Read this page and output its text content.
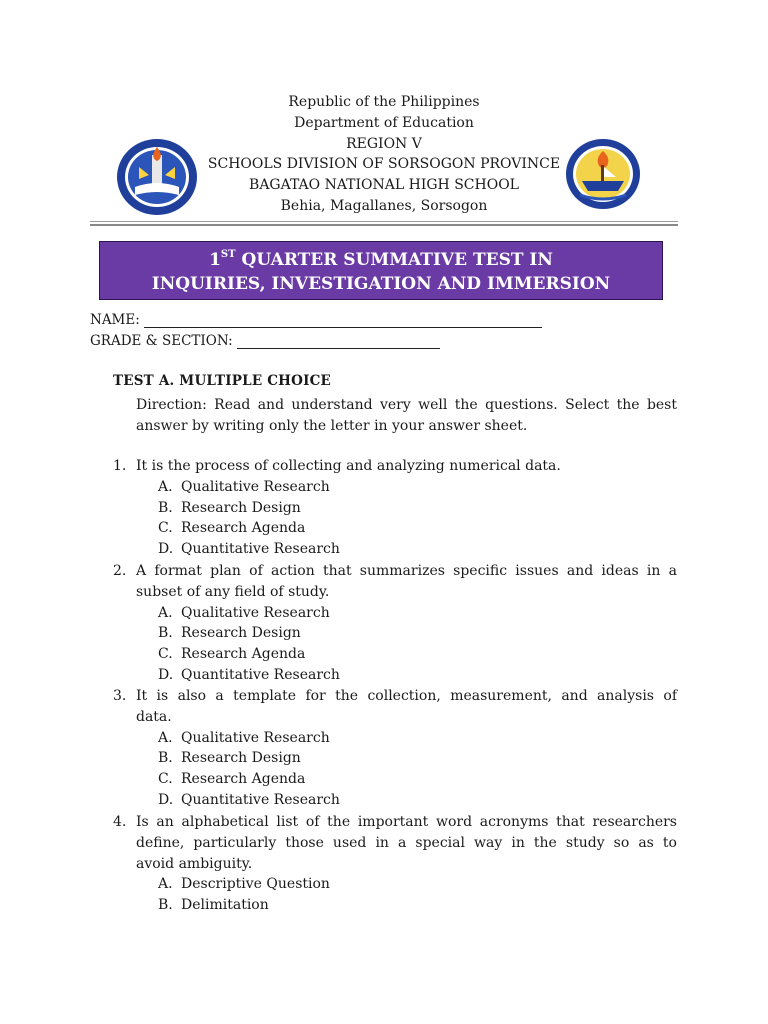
Republic of the Philippines
Department of Education
REGION V
SCHOOLS DIVISION OF SORSOGON PROVINCE
BAGATAO NATIONAL HIGH SCHOOL
Behia, Magallanes, Sorsogon
1ST QUARTER SUMMATIVE TEST IN
INQUIRIES, INVESTIGATION AND IMMERSION
NAME:
GRADE & SECTION:
TEST A. MULTIPLE CHOICE
Direction: Read and understand very well the questions. Select the best
answer by writing only the letter in your answer sheet.
1. It is the process of collecting and analyzing numerical data.
A. Qualitative Research
B. Research Design
C. Research Agenda
D. Quantitative Research
2. A format plan of action that summarizes specific issues and ideas in a
subset of any field of study.
A. Qualitative Research
B. Research Design
C. Research Agenda
D. Quantitative Research
3. It is also a template for the collection, measurement, and analysis of
data.
A. Qualitative Research
B. Research Design
C. Research Agenda
D. Quantitative Research
4. Is an alphabetical list of the important word acronyms that researchers
define, particularly those used in a special way in the study so as to
avoid ambiguity.
A. Descriptive Question
B. Delimitation
